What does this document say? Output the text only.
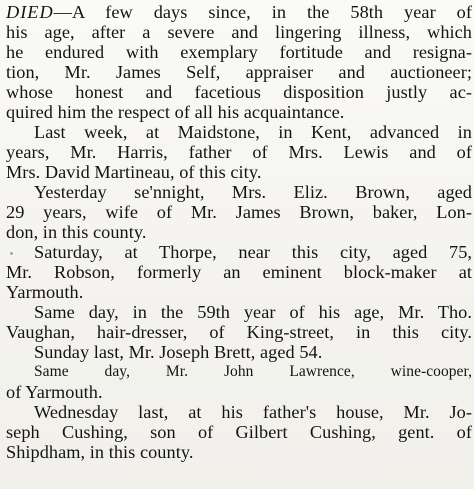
DIED—A few days since, in the 58th year of
his age, after a severe and lingering illness, which
he endured with exemplary fortitude and resigna-
tion, Mr. James Self, appraiser and auctioneer;
whose honest and facetious disposition justly ac-
quired him the respect of all his acquaintance.
Last week, at Maidstone, in Kent, advanced in
years, Mr. Harris, father of Mrs. Lewis and of
Mrs. David Martineau, of this city.
Yesterday se'nnight, Mrs. Eliz. Brown, aged
29 years, wife of Mr. James Brown, baker, Lon-
don, in this county.
Saturday, at Thorpe, near this city, aged 75,
Mr. Robson, formerly an eminent block-maker at
Yarmouth.
Same day, in the 59th year of his age, Mr. Tho.
Vaughan, hair-dresser, of King-street, in this city.
Sunday last, Mr. Joseph Brett, aged 54.
Same day, Mr. John Lawrence, wine-cooper,
of Yarmouth.
Wednesday last, at his father's house, Mr. Jo-
seph Cushing, son of Gilbert Cushing, gent. of
Shipdham, in this county.
